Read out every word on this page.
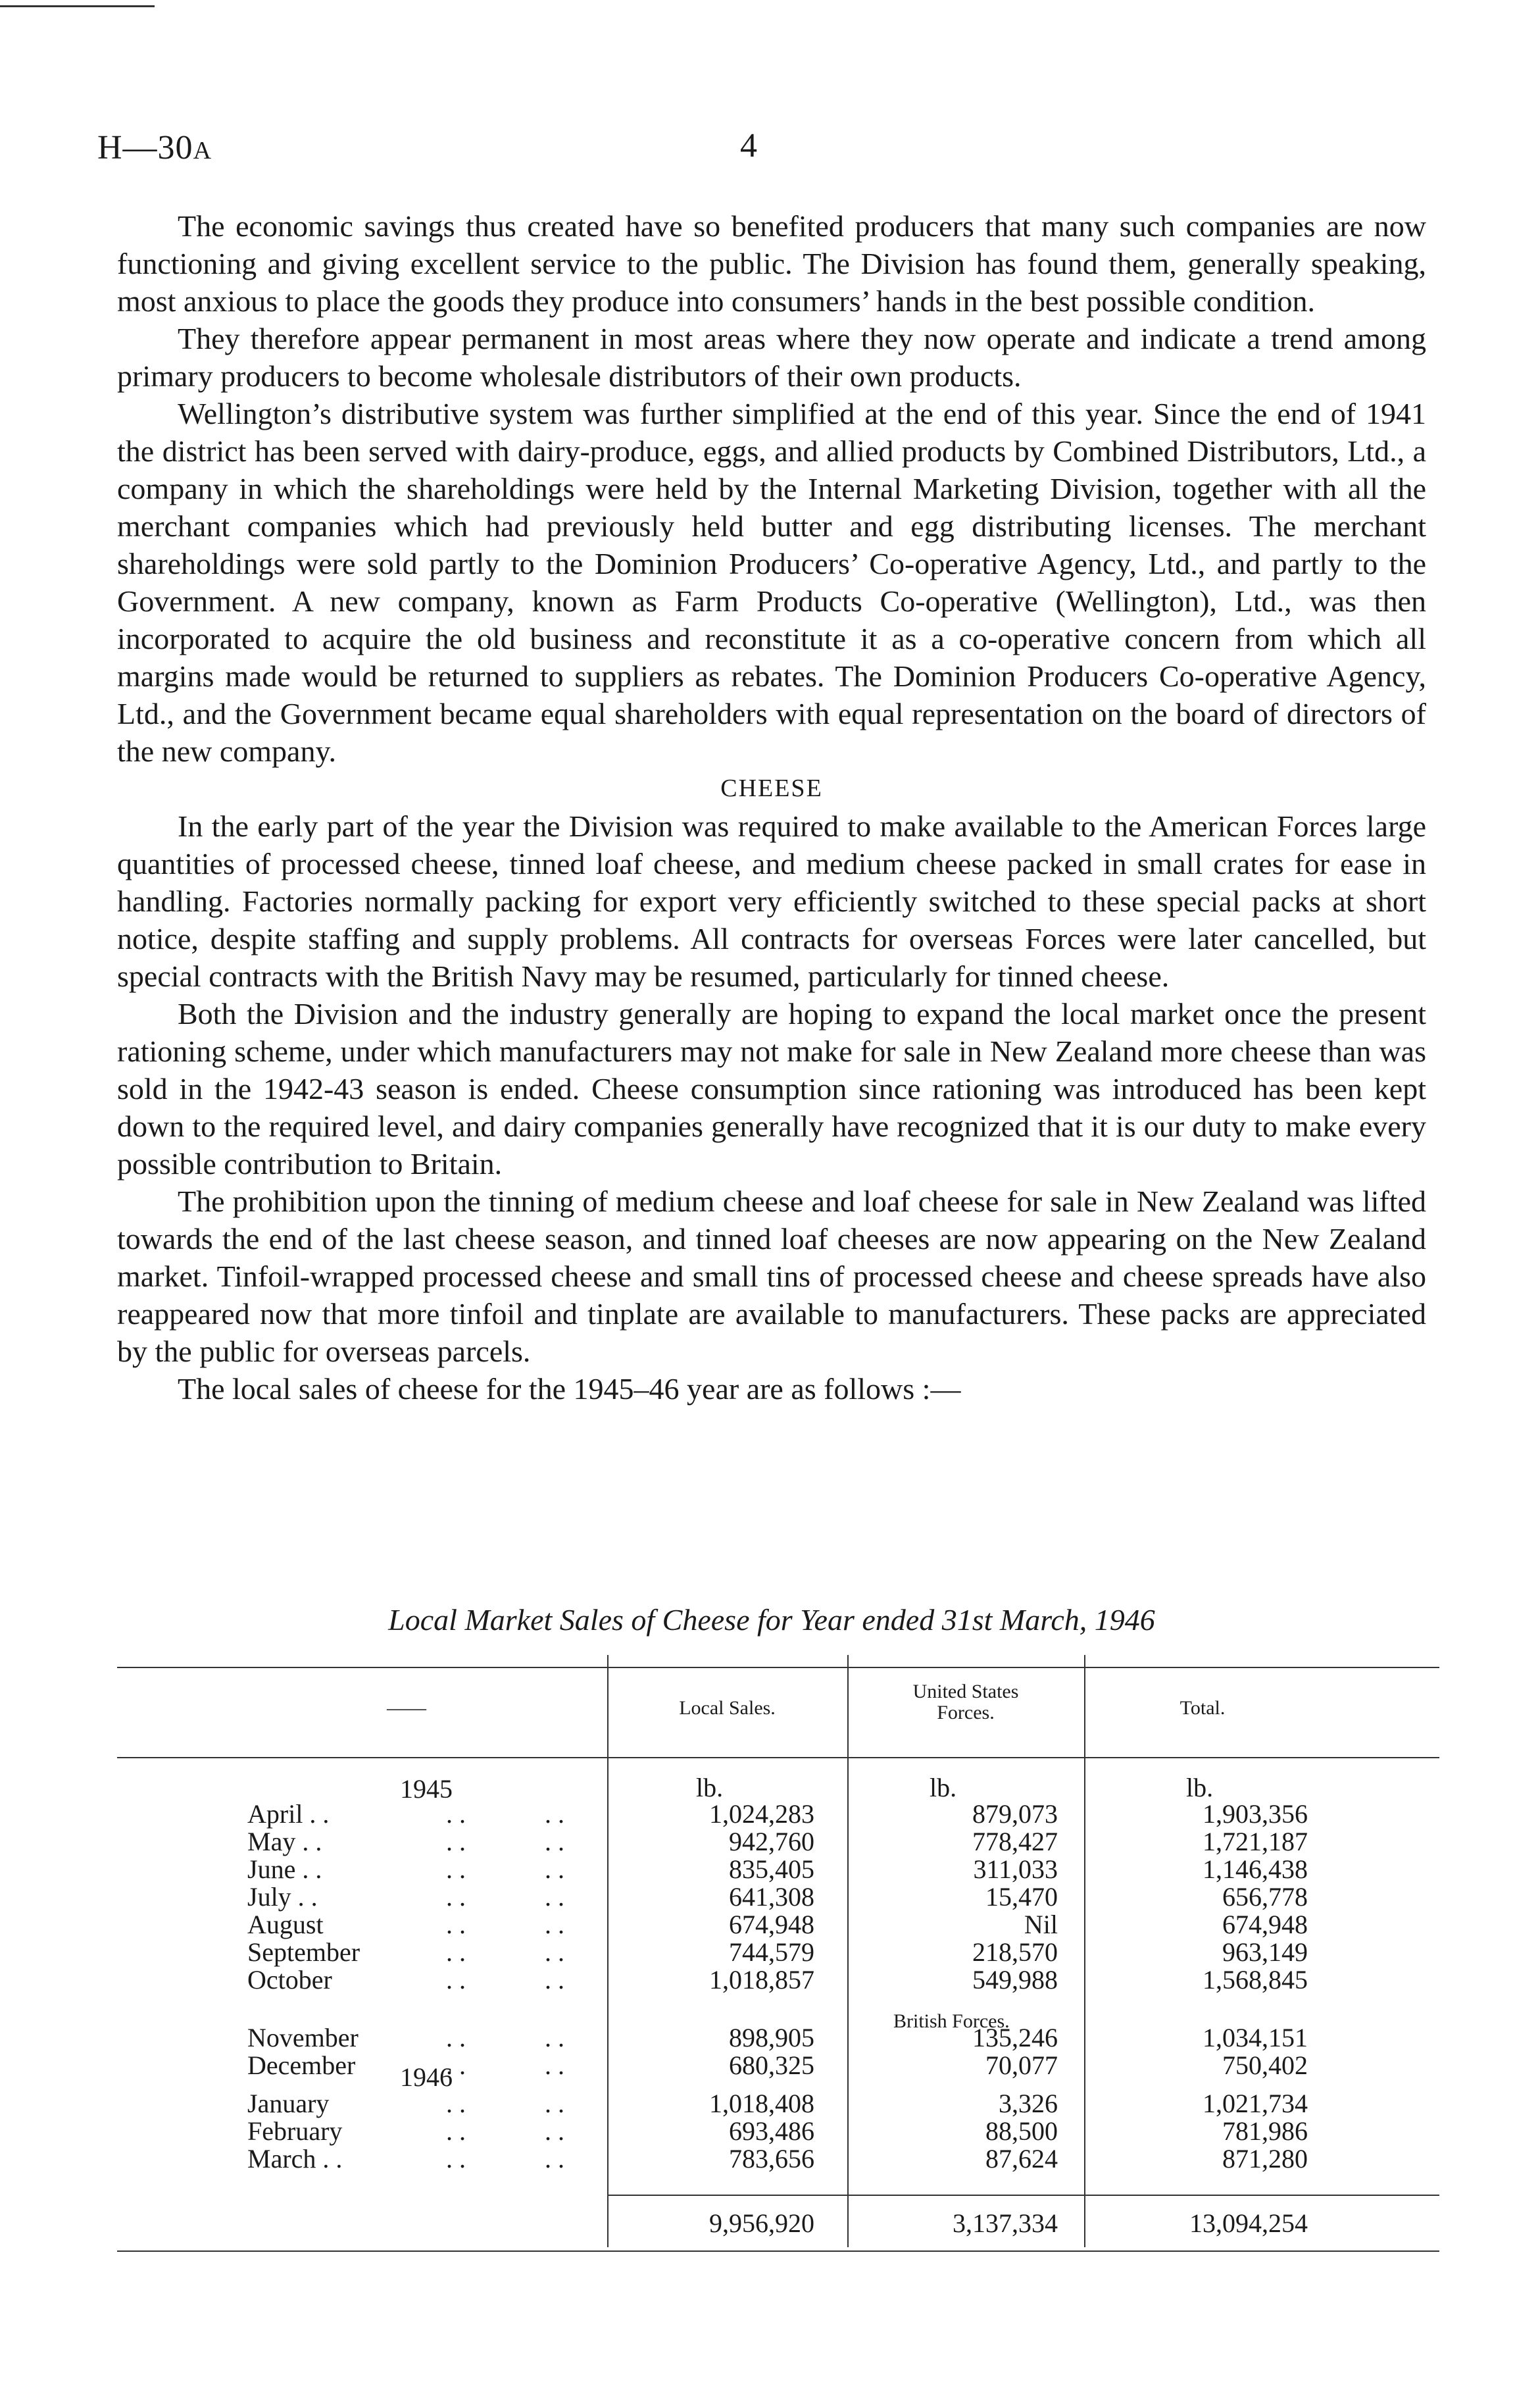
H—30A	4

The economic savings thus created have so benefited producers that many such companies are now functioning and giving excellent service to the public. The Division has found them, generally speaking, most anxious to place the goods they produce into consumers’ hands in the best possible condition.

They therefore appear permanent in most areas where they now operate and indicate a trend among primary producers to become wholesale distributors of their own products.

Wellington’s distributive system was further simplified at the end of this year. Since the end of 1941 the district has been served with dairy-produce, eggs, and allied products by Combined Distributors, Ltd., a company in which the shareholdings were held by the Internal Marketing Division, together with all the merchant companies which had previously held butter and egg distributing licenses. The merchant shareholdings were sold partly to the Dominion Producers’ Co-operative Agency, Ltd., and partly to the Government. A new company, known as Farm Products Co-operative (Wellington), Ltd., was then incorporated to acquire the old business and reconstitute it as a co-operative concern from which all margins made would be returned to suppliers as rebates. The Dominion Producers Co-operative Agency, Ltd., and the Government became equal shareholders with equal representation on the board of directors of the new company.

CHEESE

In the early part of the year the Division was required to make available to the American Forces large quantities of processed cheese, tinned loaf cheese, and medium cheese packed in small crates for ease in handling. Factories normally packing for export very efficiently switched to these special packs at short notice, despite staffing and supply problems. All contracts for overseas Forces were later cancelled, but special contracts with the British Navy may be resumed, particularly for tinned cheese.

Both the Division and the industry generally are hoping to expand the local market once the present rationing scheme, under which manufacturers may not make for sale in New Zealand more cheese than was sold in the 1942-43 season is ended. Cheese consumption since rationing was introduced has been kept down to the required level, and dairy companies generally have recognized that it is our duty to make every possible contribution to Britain.

The prohibition upon the tinning of medium cheese and loaf cheese for sale in New Zealand was lifted towards the end of the last cheese season, and tinned loaf cheeses are now appearing on the New Zealand market. Tinfoil-wrapped processed cheese and small tins of processed cheese and cheese spreads have also reappeared now that more tinfoil and tinplate are available to manufacturers. These packs are appreciated by the public for overseas parcels.

The local sales of cheese for the 1945–46 year are as follows :—

Local Market Sales of Cheese for Year ended 31st March, 1946
——	Local Sales.
United States
Forces.	Total.
1945	lb.	lb.	lb.
April . .	. .	. .	1,024,283	879,073	1,903,356
May . .	. .	. .	942,760	778,427	1,721,187
June . .	. .	. .	835,405	311,033	1,146,438
July . .	. .	. .	641,308	15,470	656,778
August	. .	. .	674,948	Nil	674,948
September	. .	. .	744,579	218,570	963,149
October	. .	. .	1,018,857	549,988	1,568,845
November	. .	. .	898,905	135,246	1,034,151
December	. .	. .	680,325	70,077	750,402
January	. .	. .	1,018,408	3,326	1,021,734
February	. .	. .	693,486	88,500	781,986
March . .	. .	. .	783,656	87,624	871,280
British Forces.
1946
9,956,920	3,137,334	13,094,254
